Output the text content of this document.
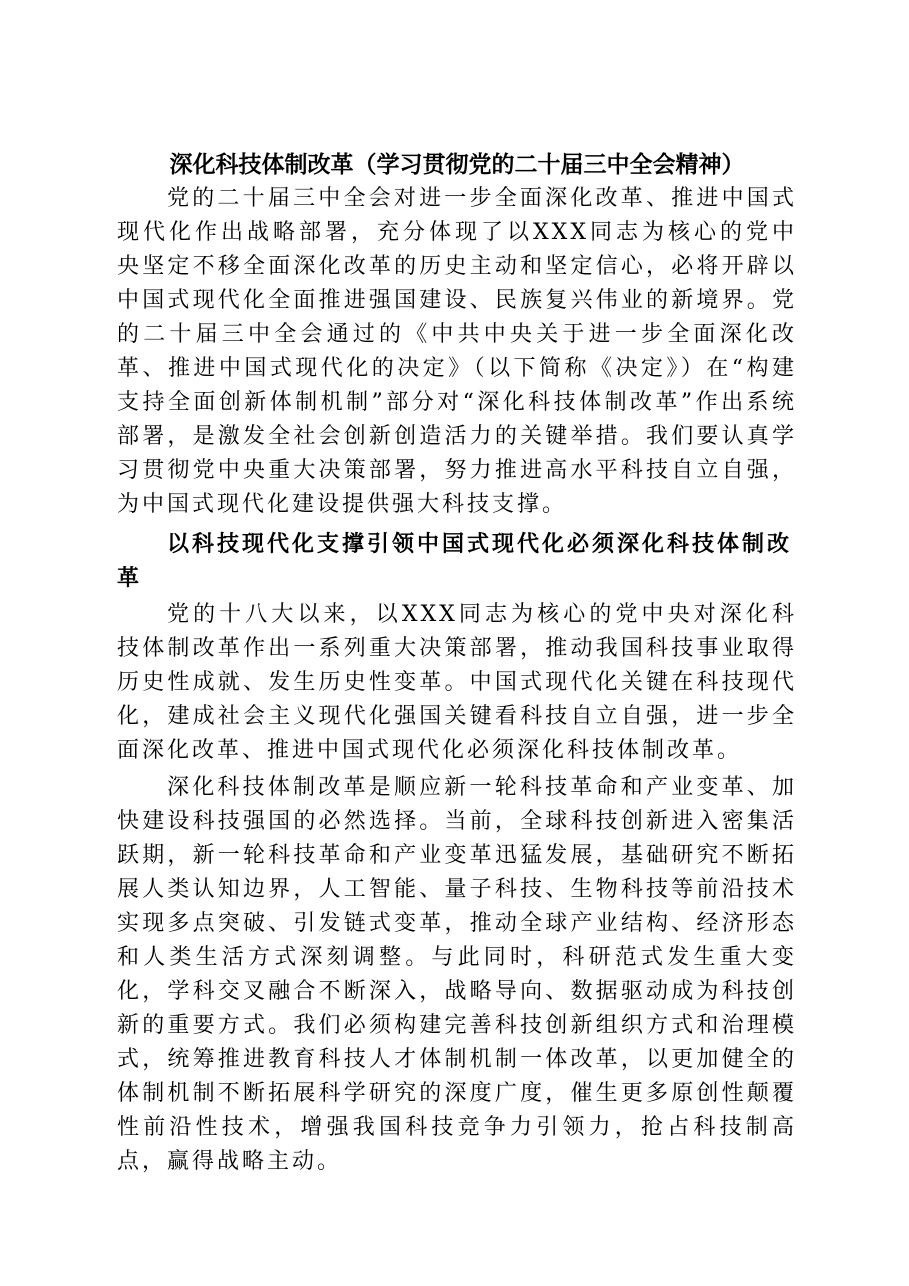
深化科技体制改革（学习贯彻党的二十届三中全会精神）

党的二十届三中全会对进一步全面深化改革、推进中国式现代化作出战略部署，充分体现了以XXX同志为核心的党中央坚定不移全面深化改革的历史主动和坚定信心，必将开辟以中国式现代化全面推进强国建设、民族复兴伟业的新境界。党的二十届三中全会通过的《中共中央关于进一步全面深化改革、推进中国式现代化的决定》（以下简称《决定》）在“构建支持全面创新体制机制”部分对“深化科技体制改革”作出系统部署，是激发全社会创新创造活力的关键举措。我们要认真学习贯彻党中央重大决策部署，努力推进高水平科技自立自强，为中国式现代化建设提供强大科技支撑。

以科技现代化支撑引领中国式现代化必须深化科技体制改革

党的十八大以来，以XXX同志为核心的党中央对深化科技体制改革作出一系列重大决策部署，推动我国科技事业取得历史性成就、发生历史性变革。中国式现代化关键在科技现代化，建成社会主义现代化强国关键看科技自立自强，进一步全面深化改革、推进中国式现代化必须深化科技体制改革。

深化科技体制改革是顺应新一轮科技革命和产业变革、加快建设科技强国的必然选择。当前，全球科技创新进入密集活跃期，新一轮科技革命和产业变革迅猛发展，基础研究不断拓展人类认知边界，人工智能、量子科技、生物科技等前沿技术实现多点突破、引发链式变革，推动全球产业结构、经济形态和人类生活方式深刻调整。与此同时，科研范式发生重大变化，学科交叉融合不断深入，战略导向、数据驱动成为科技创新的重要方式。我们必须构建完善科技创新组织方式和治理模式，统筹推进教育科技人才体制机制一体改革，以更加健全的体制机制不断拓展科学研究的深度广度，催生更多原创性颠覆性前沿性技术，增强我国科技竞争力引领力，抢占科技制高点，赢得战略主动。
